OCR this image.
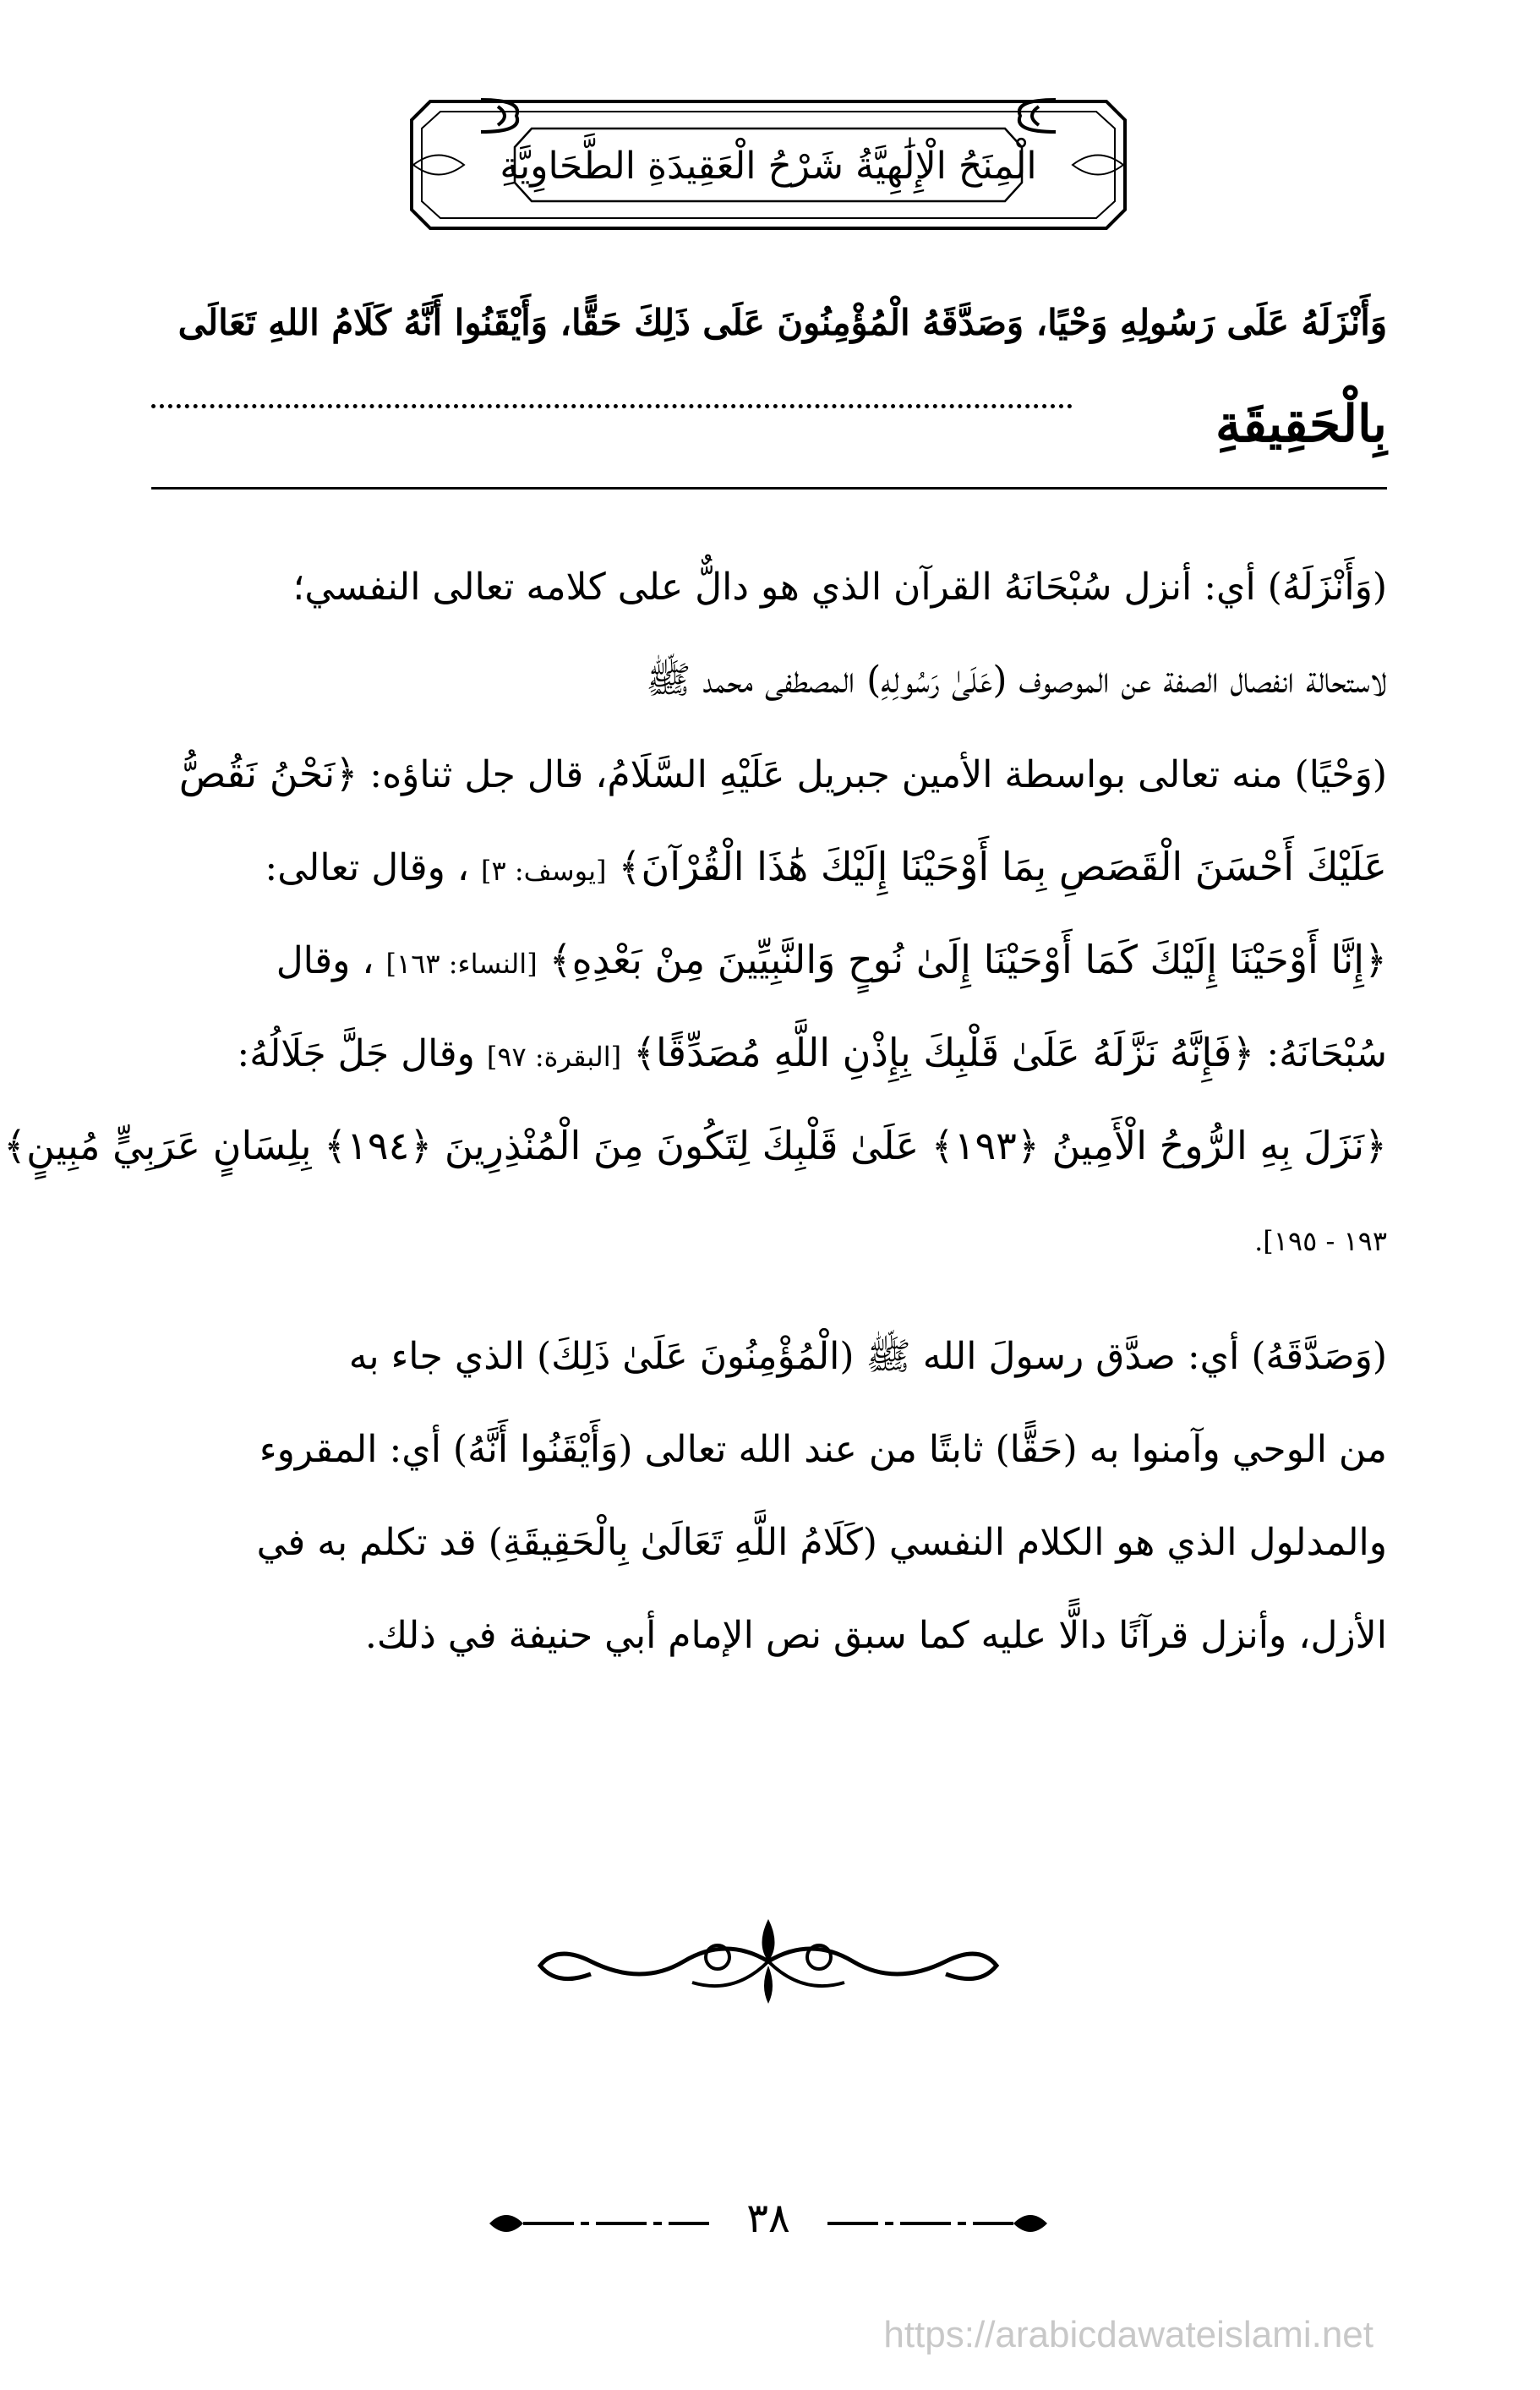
الْمِنَحُ الْإِلَٰهِيَّةُ شَرْحُ الْعَقِيدَةِ الطَّحَاوِيَّةِ
وَأَنْزَلَهُ عَلَى رَسُولِهِ وَحْيًا، وَصَدَّقَهُ الْمُؤْمِنُونَ عَلَى ذَلِكَ حَقًّا، وَأَيْقَنُوا أَنَّهُ كَلَامُ اللهِ تَعَالَى
بِالْحَقِيقَةِ
(وَأَنْزَلَهُ) أي: أنزل سُبْحَانَهُ القرآن الذي هو دالٌّ على كلامه تعالى النفسي؛
لاستحالة انفصال الصفة عن الموصوف (عَلَىٰ رَسُولِهِ) المصطفى محمد ﷺ
(وَحْيًا) منه تعالى بواسطة الأمين جبريل عَلَيْهِ السَّلَامُ، قال جل ثناؤه: ﴿نَحْنُ نَقُصُّ
عَلَيْكَ أَحْسَنَ الْقَصَصِ بِمَا أَوْحَيْنَا إِلَيْكَ هَٰذَا الْقُرْآنَ﴾ [يوسف: ٣] ، وقال تعالى:
﴿إِنَّا أَوْحَيْنَا إِلَيْكَ كَمَا أَوْحَيْنَا إِلَىٰ نُوحٍ وَالنَّبِيِّينَ مِنْ بَعْدِهِ﴾ [النساء: ١٦٣] ، وقال
سُبْحَانَهُ: ﴿فَإِنَّهُ نَزَّلَهُ عَلَىٰ قَلْبِكَ بِإِذْنِ اللَّهِ مُصَدِّقًا﴾ [البقرة: ٩٧] وقال جَلَّ جَلَالُهُ:
﴿نَزَلَ بِهِ الرُّوحُ الْأَمِينُ ﴿١٩٣﴾ عَلَىٰ قَلْبِكَ لِتَكُونَ مِنَ الْمُنْذِرِينَ ﴿١٩٤﴾ بِلِسَانٍ عَرَبِيٍّ مُبِينٍ﴾
١٩٣ - ١٩٥].
(وَصَدَّقَهُ) أي: صدَّق رسولَ الله ﷺ (الْمُؤْمِنُونَ عَلَىٰ ذَلِكَ) الذي جاء به
من الوحي وآمنوا به (حَقًّا) ثابتًا من عند الله تعالى (وَأَيْقَنُوا أَنَّهُ) أي: المقروء
والمدلول الذي هو الكلام النفسي (كَلَامُ اللَّهِ تَعَالَىٰ بِالْحَقِيقَةِ) قد تكلم به في
الأزل، وأنزل قرآنًا دالًّا عليه كما سبق نص الإمام أبي حنيفة في ذلك.
٣٨
https://arabicdawateislami.net
